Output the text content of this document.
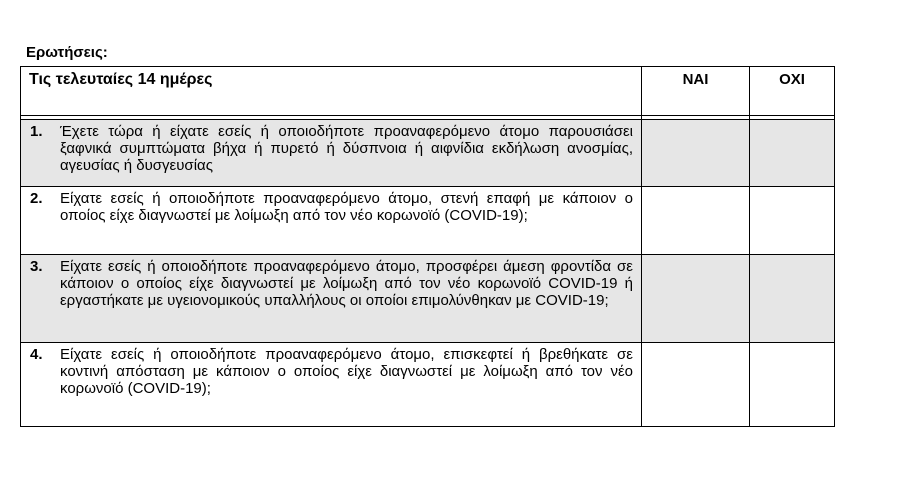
Ερωτήσεις:

Τις τελευταίες 14 ημέρες	ΝΑΙ	ΟΧΙ

1. Έχετε τώρα ή είχατε εσείς ή οποιοδήποτε προαναφερόμενο άτομο παρουσιάσει ξαφνικά συμπτώματα βήχα ή πυρετό ή δύσπνοια ή αιφνίδια εκδήλωση ανοσμίας, αγευσίας ή δυσγευσίας		

2. Είχατε εσείς ή οποιοδήποτε προαναφερόμενο άτομο, στενή επαφή με κάποιον ο οποίος είχε διαγνωστεί με λοίμωξη από τον νέο κορωνοϊό (COVID-19);		

3. Είχατε εσείς ή οποιοδήποτε προαναφερόμενο άτομο, προσφέρει άμεση φροντίδα σε κάποιον ο οποίος είχε διαγνωστεί με λοίμωξη από τον νέο κορωνοϊό COVID-19 ή εργαστήκατε με υγειονομικούς υπαλλήλους οι οποίοι επιμολύνθηκαν με COVID-19;		

4. Είχατε εσείς ή οποιοδήποτε προαναφερόμενο άτομο, επισκεφτεί ή βρεθήκατε σε κοντινή απόσταση με κάποιον ο οποίος είχε διαγνωστεί με λοίμωξη από τον νέο κορωνοϊό (COVID-19);		
